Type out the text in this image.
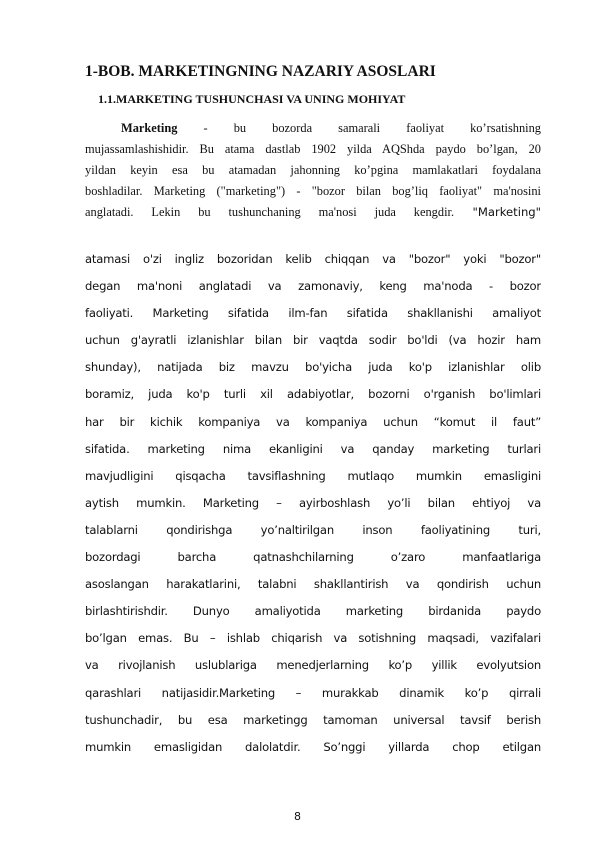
1-BOB. MARKETINGNING NAZARIY ASOSLARI
1.1.MARKETING TUSHUNCHASI VA UNING MOHIYAT
Marketing - bu bozorda samarali faoliyat ko’rsatishning
mujassamlashishidir. Bu atama dastlab 1902 yilda AQShda paydo bo’lgan, 20
yildan keyin esa bu atamadan jahonning ko’pgina mamlakatlari foydalana
boshladilar. Marketing ("marketing") - "bozor bilan bog’liq faoliyat" ma'nosini
anglatadi. Lekin bu tushunchaning ma'nosi juda kengdir. "Marketing"
atamasi o'zi ingliz bozoridan kelib chiqqan va "bozor" yoki "bozor"
degan ma'noni anglatadi va zamonaviy, keng ma'noda - bozor
faoliyati. Marketing sifatida ilm-fan sifatida shakllanishi amaliyot
uchun g'ayratli izlanishlar bilan bir vaqtda sodir bo'ldi (va hozir ham
shunday), natijada biz mavzu bo'yicha juda ko'p izlanishlar olib
boramiz, juda ko'p turli xil adabiyotlar, bozorni o'rganish bo'limlari
har bir kichik kompaniya va kompaniya uchun “komut il faut”
sifatida. marketing nima ekanligini va qanday marketing turlari
mavjudligini qisqacha tavsiflashning mutlaqo mumkin emasligini
aytish mumkin. Marketing – ayirboshlash yo’li bilan ehtiyoj va
talablarni qondirishga yo’naltirilgan inson faoliyatining turi,
bozordagi barcha qatnashchilarning o’zaro manfaatlariga
asoslangan harakatlarini, talabni shakllantirish va qondirish uchun
birlashtirishdir. Dunyo amaliyotida marketing birdanida paydo
bo’lgan emas. Bu – ishlab chiqarish va sotishning maqsadi, vazifalari
va rivojlanish uslublariga menedjerlarning ko’p yillik evolyutsion
qarashlari natijasidir.Marketing – murakkab dinamik ko’p qirrali
tushunchadir, bu esa marketingg tamoman universal tavsif berish
mumkin emasligidan dalolatdir. So’nggi yillarda chop etilgan
8
